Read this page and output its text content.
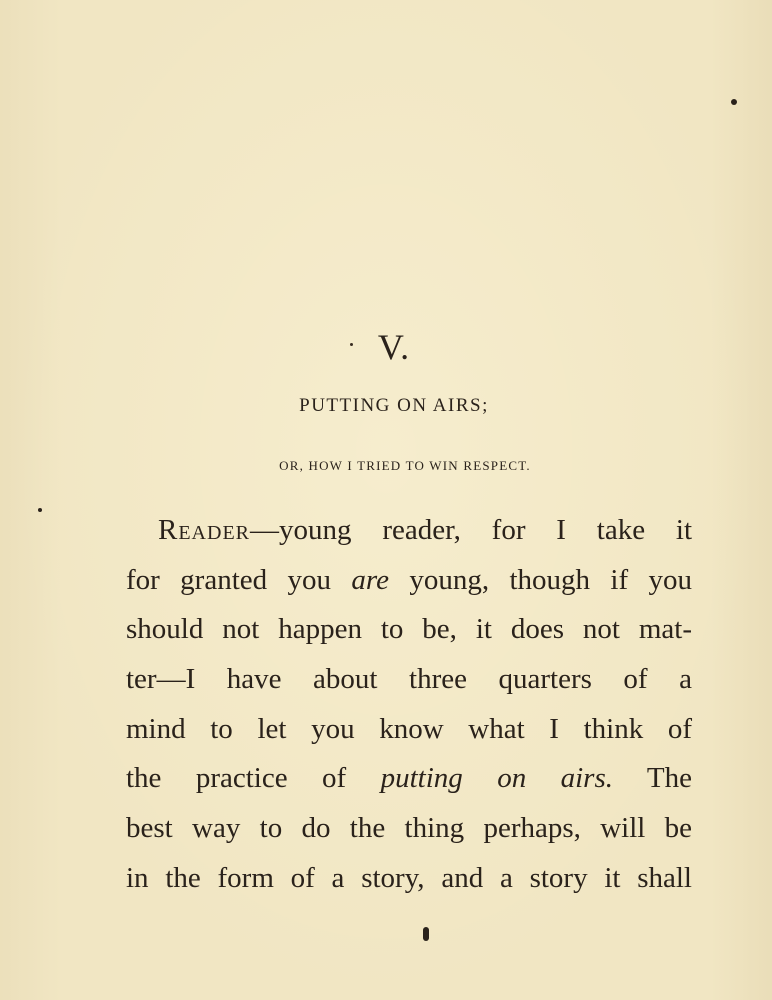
V.
PUTTING ON AIRS;
OR, HOW I TRIED TO WIN RESPECT.
Reader—young reader, for I take it
for granted you are young, though if you
should not happen to be, it does not mat-
ter—I have about three quarters of a
mind to let you know what I think of
the practice of putting on airs. The
best way to do the thing perhaps, will be
in the form of a story, and a story it shall
